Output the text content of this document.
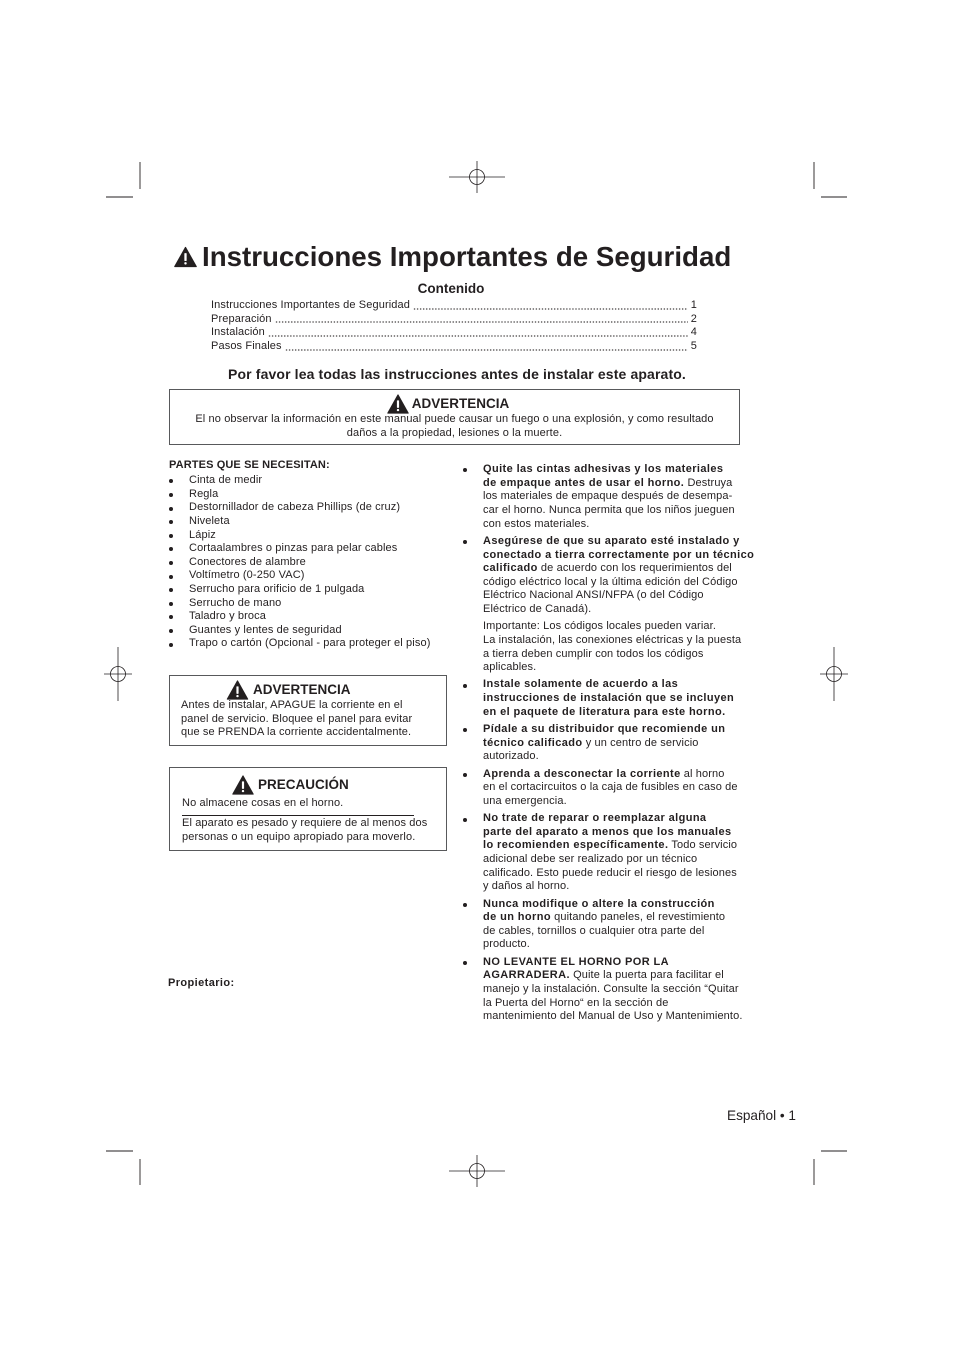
Instrucciones Importantes de Seguridad
Contenido
Instrucciones Importantes de Seguridad	1
Preparación	2
Instalación	4
Pasos Finales	5
Por favor lea todas las instrucciones antes de instalar este aparato.
ADVERTENCIA
El no observar la información en este manual puede causar un fuego o una explosión, y como resultado
daños a la propiedad, lesiones o la muerte.
PARTES QUE SE NECESITAN:
Cinta de medir
Regla
Destornillador de cabeza Phillips (de cruz)
Niveleta
Lápiz
Cortaalambres o pinzas para pelar cables
Conectores de alambre
Voltímetro (0-250 VAC)
Serrucho para orificio de 1 pulgada
Serrucho de mano
Taladro y broca
Guantes y lentes de seguridad
Trapo o cartón (Opcional - para proteger el piso)
ADVERTENCIA
Antes de instalar, APAGUE la corriente en el
panel de servicio. Bloquee el panel para evitar
que se PRENDA la corriente accidentalmente.
PRECAUCIÓN
No almacene cosas en el horno.
El aparato es pesado y requiere de al menos dos
personas o un equipo apropiado para moverlo.
Propietario:
Quite las cintas adhesivas y los materiales
de empaque antes de usar el horno. Destruya
los materiales de empaque después de desempa-
car el horno. Nunca permita que los niños jueguen
con estos materiales.
Asegúrese de que su aparato esté instalado y
conectado a tierra correctamente por un técnico
calificado de acuerdo con los requerimientos del
código eléctrico local y la última edición del Código
Eléctrico Nacional ANSI/NFPA (o del Código
Eléctrico de Canadá).
Importante: Los códigos locales pueden variar.
La instalación, las conexiones eléctricas y la puesta
a tierra deben cumplir con todos los códigos
aplicables.
Instale solamente de acuerdo a las
instrucciones de instalación que se incluyen
en el paquete de literatura para este horno.
Pídale a su distribuidor que recomiende un
técnico calificado y un centro de servicio
autorizado.
Aprenda a desconectar la corriente al horno
en el cortacircuitos o la caja de fusibles en caso de
una emergencia.
No trate de reparar o reemplazar alguna
parte del aparato a menos que los manuales
lo recomienden específicamente. Todo servicio
adicional debe ser realizado por un técnico
calificado. Esto puede reducir el riesgo de lesiones
y daños al horno.
Nunca modifique o altere la construcción
de un horno quitando paneles, el revestimiento
de cables, tornillos o cualquier otra parte del
producto.
NO LEVANTE EL HORNO POR LA
AGARRADERA. Quite la puerta para facilitar el
manejo y la instalación. Consulte la sección “Quitar
la Puerta del Horno“ en la sección de
mantenimiento del Manual de Uso y Mantenimiento.
Español • 1
